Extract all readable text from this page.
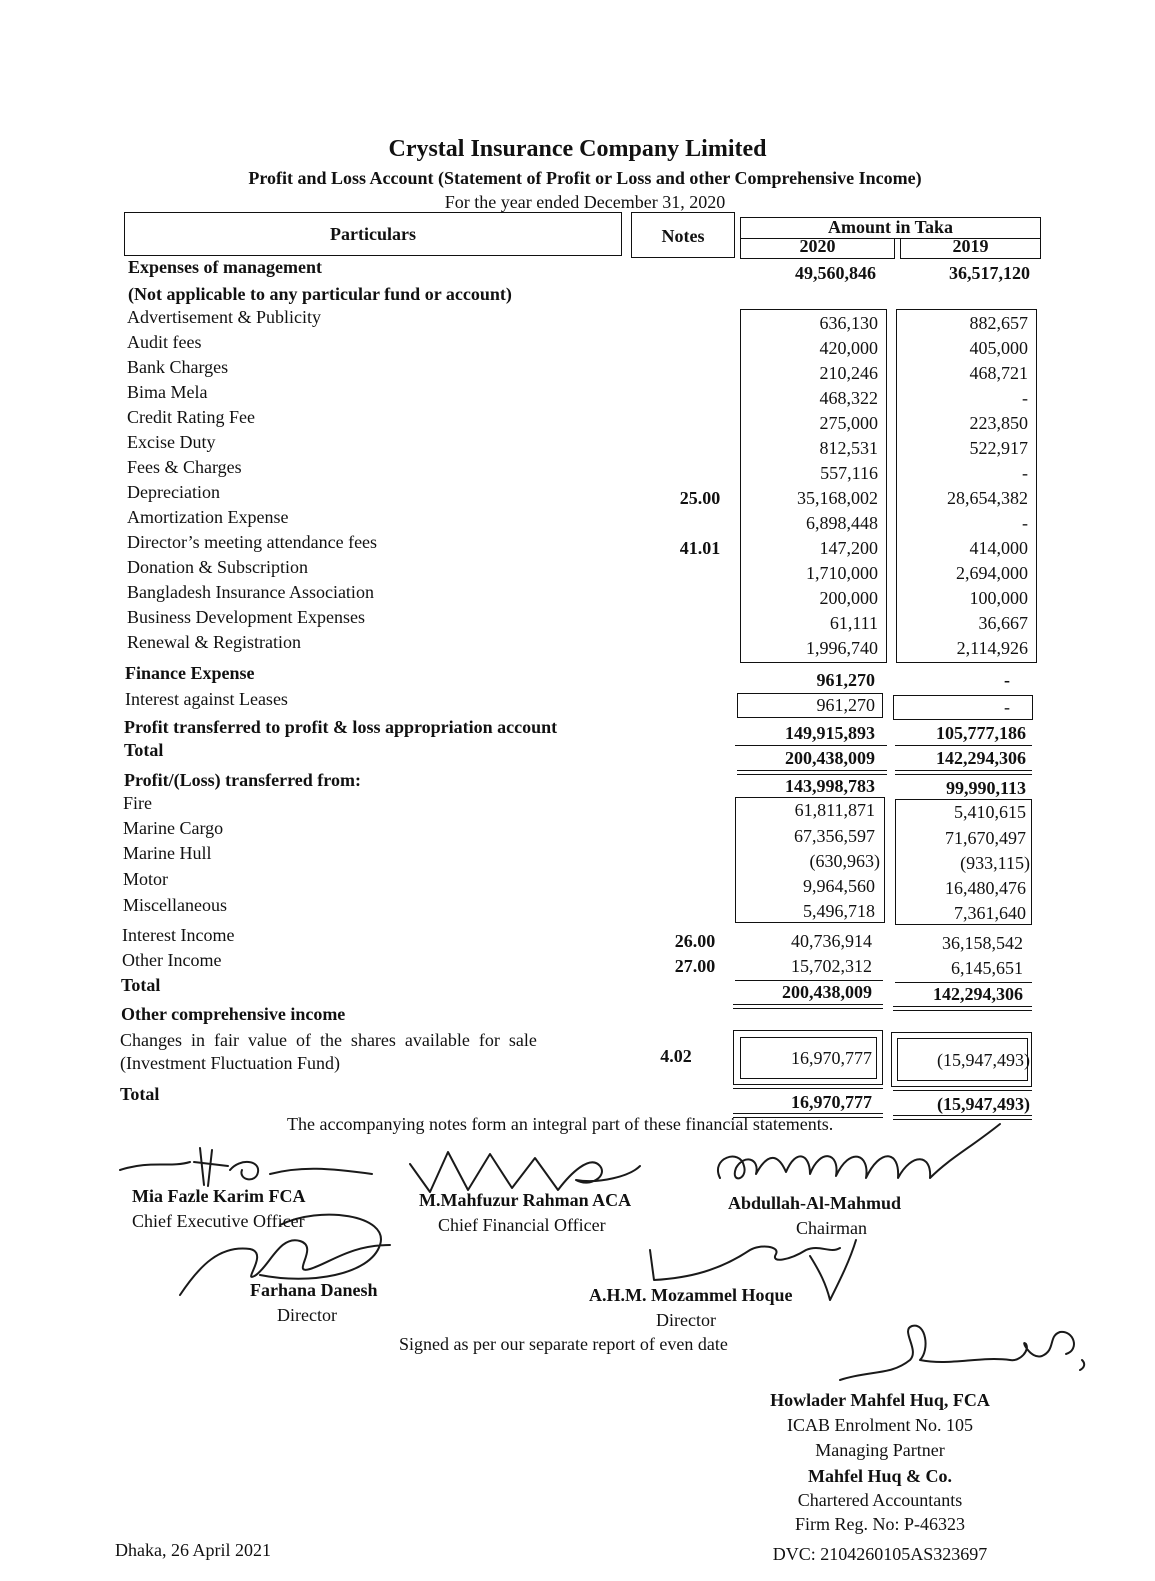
Crystal Insurance Company Limited
Profit and Loss Account (Statement of Profit or Loss and other Comprehensive Income)
For the year ended December 31, 2020
Particulars	Notes	Amount in Taka
2020	2019
Expenses of management	49,560,846	36,517,120
(Not applicable to any particular fund or account)
Advertisement & Publicity	636,130	882,657
Audit fees	420,000	405,000
Bank Charges	210,246	468,721
Bima Mela	468,322	-
Credit Rating Fee	275,000	223,850
Excise Duty	812,531	522,917
Fees & Charges	557,116	-
Depreciation	25.00	35,168,002	28,654,382
Amortization Expense	6,898,448	-
Director’s meeting attendance fees	41.01	147,200	414,000
Donation & Subscription	1,710,000	2,694,000
Bangladesh Insurance Association	200,000	100,000
Business Development Expenses	61,111	36,667
Renewal & Registration	1,996,740	2,114,926
Finance Expense	961,270	-
Interest against Leases	961,270	-
Profit transferred to profit & loss appropriation account	149,915,893	105,777,186
Total	200,438,009	142,294,306
Profit/(Loss) transferred from:	143,998,783	99,990,113
Fire	61,811,871	5,410,615
Marine Cargo	67,356,597	71,670,497
Marine Hull	(630,963)	(933,115)
Motor	9,964,560	16,480,476
Miscellaneous	5,496,718	7,361,640
Interest Income	26.00	40,736,914	36,158,542
Other Income	27.00	15,702,312	6,145,651
Total	200,438,009	142,294,306
Other comprehensive income
Changes  in  fair  value  of  the  shares  available  for  sale
(Investment Fluctuation Fund)	4.02	16,970,777	(15,947,493)
Total	16,970,777	(15,947,493)
The accompanying notes form an integral part of these financial statements.
Mia Fazle Karim FCA
Chief Executive Officer
M.Mahfuzur Rahman ACA
Chief Financial Officer
Abdullah-Al-Mahmud
Chairman
Farhana Danesh
Director
A.H.M. Mozammel Hoque
Director
Signed as per our separate report of even date
Howlader Mahfel Huq, FCA
ICAB Enrolment No. 105
Managing Partner
Mahfel Huq & Co.
Chartered Accountants
Firm Reg. No: P-46323
DVC: 2104260105AS323697
Dhaka, 26 April 2021
